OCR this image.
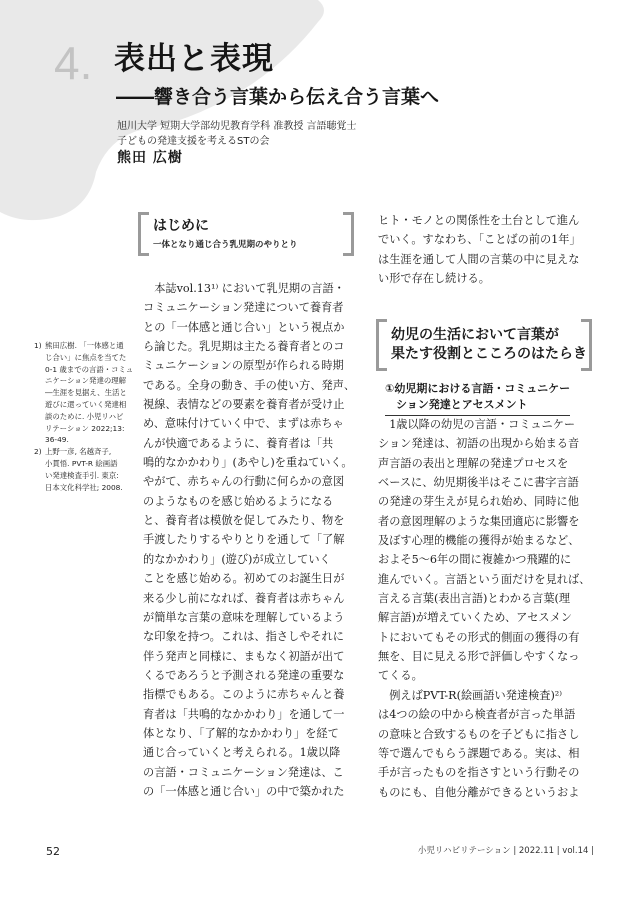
4. 表出と表現
――響き合う言葉から伝え合う言葉へ
旭川大学 短期大学部幼児教育学科 准教授 言語聴覚士
子どもの発達支援を考えるSTの会
熊田 広樹
はじめに
一体となり通じ合う乳児期のやりとり
　本誌vol.13¹⁾ において乳児期の言語・
コミュニケーション発達について養育者
との「一体感と通じ合い」という視点か
ら論じた。乳児期は主たる養育者とのコ
ミュニケーションの原型が作られる時期
である。全身の動き、手の使い方、発声、
視線、表情などの要素を養育者が受け止
め、意味付けていく中で、まずは赤ちゃ
んが快適であるように、養育者は「共
鳴的なかかわり」(あやし)を重ねていく。
やがて、赤ちゃんの行動に何らかの意図
のようなものを感じ始めるようになる
と、養育者は模倣を促してみたり、物を
手渡したりするやりとりを通して「了解
的なかかわり」(遊び)が成立していく
ことを感じ始める。初めてのお誕生日が
来る少し前になれば、養育者は赤ちゃん
が簡単な言葉の意味を理解しているよう
な印象を持つ。これは、指さしやそれに
伴う発声と同様に、まもなく初語が出て
くるであろうと予測される発達の重要な
指標でもある。このように赤ちゃんと養
育者は「共鳴的なかかわり」を通して一
体となり、「了解的なかかわり」を経て
通じ合っていくと考えられる。1歳以降
の言語・コミュニケーション発達は、こ
の「一体感と通じ合い」の中で築かれた
ヒト・モノとの関係性を土台として進ん
でいく。すなわち、「ことばの前の1年」
は生涯を通して人間の言葉の中に見えな
い形で存在し続ける。
幼児の生活において言葉が
果たす役割とこころのはたらき
①幼児期における言語・コミュニケー
　ション発達とアセスメント
　1歳以降の幼児の言語・コミュニケー
ション発達は、初語の出現から始まる音
声言語の表出と理解の発達プロセスを
ベースに、幼児期後半はそこに書字言語
の発達の芽生えが見られ始め、同時に他
者の意図理解のような集団適応に影響を
及ぼす心理的機能の獲得が始まるなど、
およそ5～6年の間に複雑かつ飛躍的に
進んでいく。言語という面だけを見れば、
言える言葉(表出言語)とわかる言葉(理
解言語)が増えていくため、アセスメン
トにおいてもその形式的側面の獲得の有
無を、目に見える形で評価しやすくなっ
てくる。
　例えばPVT-R(絵画語い発達検査)²⁾
は4つの絵の中から検査者が言った単語
の意味と合致するものを子どもに指さし
等で選んでもらう課題である。実は、相
手が言ったものを指さすという行動その
ものにも、自他分離ができるというおよ
1) 熊田広樹. 「一体感と通
じ合い」に焦点を当てた
0-1 歳までの言語・コミュ
ニケーション発達の理解
―生涯を見据え、生活と
遊びに還っていく発達相
談のために. 小児リハビ
リテーション 2022;13:
36-49.
2) 上野一彦, 名越斉子,
小貫悟. PVT-R 絵画語
い発達検査手引. 東京:
日本文化科学社; 2008.
52	小児リハビリテーション | 2022.11 | vol.14 |
